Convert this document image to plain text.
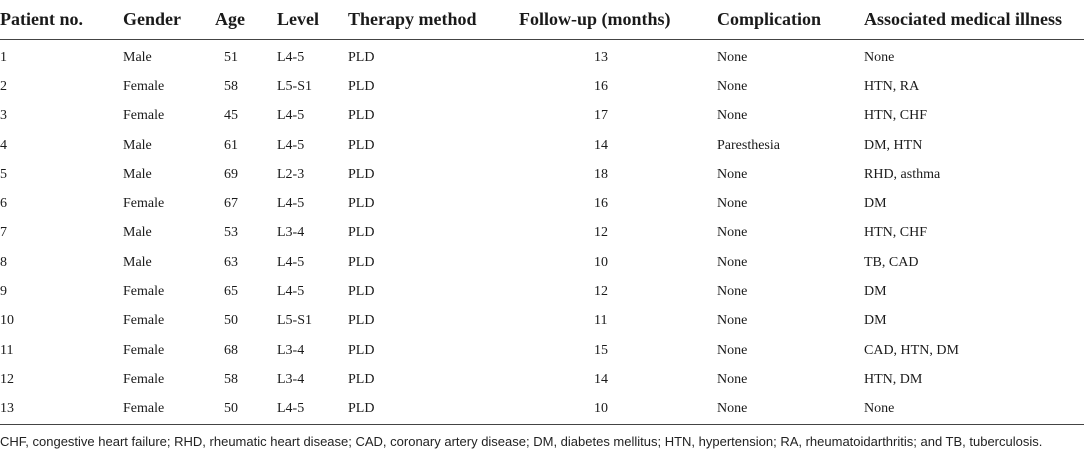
Patient no.	Gender	Age	Level	Therapy method	Follow-up (months)	Complication	Associated medical illness
1	Male	51	L4-5	PLD	13	None	None
2	Female	58	L5-S1	PLD	16	None	HTN, RA
3	Female	45	L4-5	PLD	17	None	HTN, CHF
4	Male	61	L4-5	PLD	14	Paresthesia	DM, HTN
5	Male	69	L2-3	PLD	18	None	RHD, asthma
6	Female	67	L4-5	PLD	16	None	DM
7	Male	53	L3-4	PLD	12	None	HTN, CHF
8	Male	63	L4-5	PLD	10	None	TB, CAD
9	Female	65	L4-5	PLD	12	None	DM
10	Female	50	L5-S1	PLD	11	None	DM
11	Female	68	L3-4	PLD	15	None	CAD, HTN, DM
12	Female	58	L3-4	PLD	14	None	HTN, DM
13	Female	50	L4-5	PLD	10	None	None
CHF, congestive heart failure; RHD, rheumatic heart disease; CAD, coronary artery disease; DM, diabetes mellitus; HTN, hypertension; RA, rheumatoidarthritis; and TB, tuberculosis.
